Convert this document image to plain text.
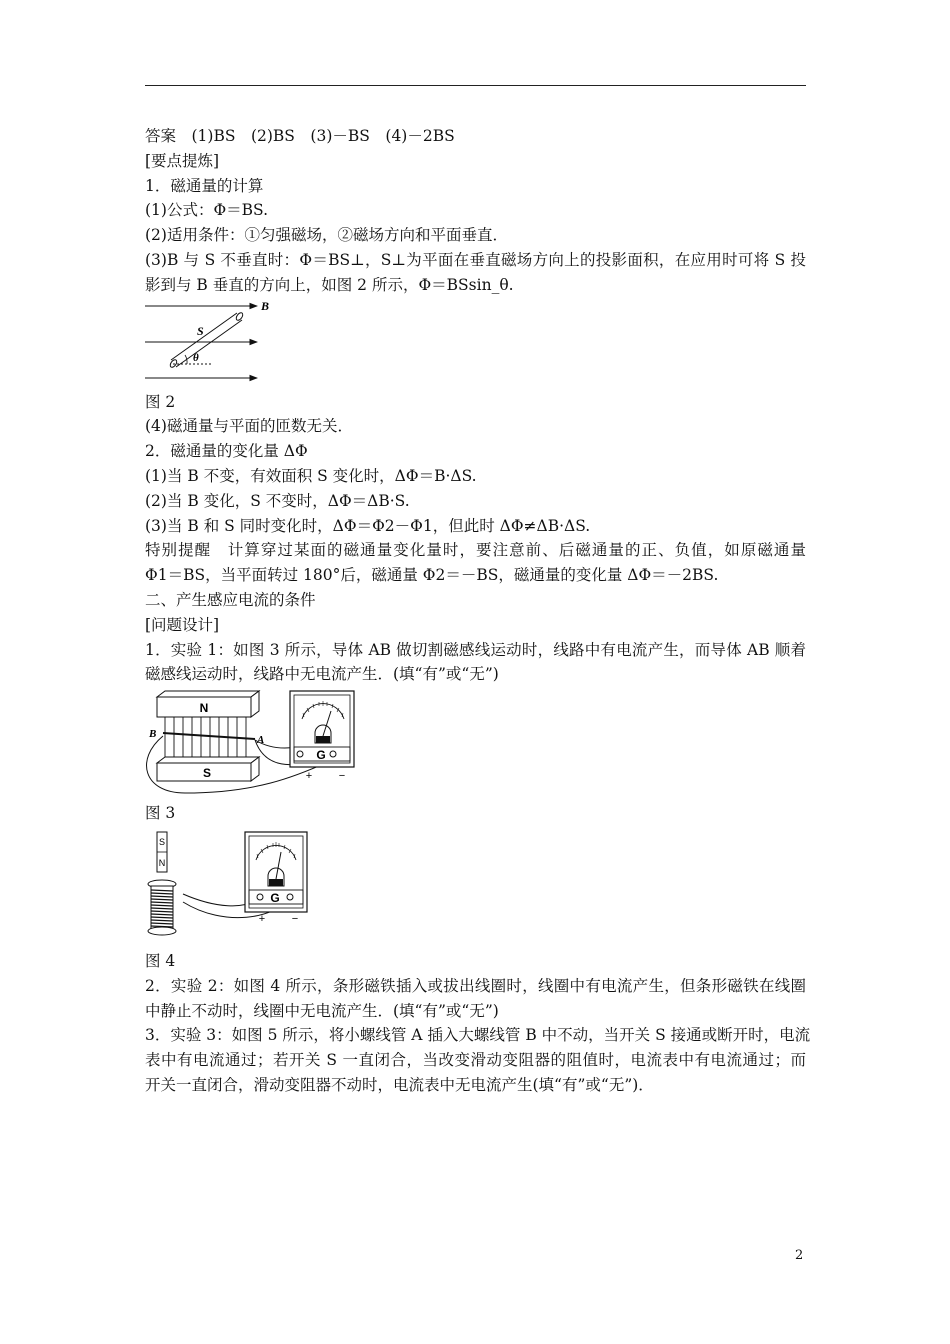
答案　(1)BS　(2)BS　(3)－BS　(4)－2BS
[要点提炼]
1．磁通量的计算
(1)公式：Φ＝BS.
(2)适用条件：①匀强磁场，②磁场方向和平面垂直．
(3)B 与 S 不垂直时：Φ＝BS⊥，S⊥为平面在垂直磁场方向上的投影面积，在应用时可将 S 投
影到与 B 垂直的方向上，如图 2 所示，Φ＝BSsin_θ.
B
S
θ
图 2
(4)磁通量与平面的匝数无关．
2．磁通量的变化量 ΔΦ
(1)当 B 不变，有效面积 S 变化时，ΔΦ＝B·ΔS.
(2)当 B 变化，S 不变时，ΔΦ＝ΔB·S.
(3)当 B 和 S 同时变化时，ΔΦ＝Φ2－Φ1，但此时 ΔΦ≠ΔB·ΔS.
特别提醒　计算穿过某面的磁通量变化量时，要注意前、后磁通量的正、负值，如原磁通量
Φ1＝BS，当平面转过 180°后，磁通量 Φ2＝－BS，磁通量的变化量 ΔΦ＝－2BS.
二、产生感应电流的条件
[问题设计]
1．实验 1：如图 3 所示，导体 AB 做切割磁感线运动时，线路中有电流产生，而导体 AB 顺着
磁感线运动时，线路中无电流产生．(填“有”或“无”)
N
B	A
S
G
+ −
图 3
S
N
G
+ −
图 4
2．实验 2：如图 4 所示，条形磁铁插入或拔出线圈时，线圈中有电流产生，但条形磁铁在线圈
中静止不动时，线圈中无电流产生．(填“有”或“无”)
3．实验 3：如图 5 所示，将小螺线管 A 插入大螺线管 B 中不动，当开关 S 接通或断开时，电流
表中有电流通过；若开关 S 一直闭合，当改变滑动变阻器的阻值时，电流表中有电流通过；而
开关一直闭合，滑动变阻器不动时，电流表中无电流产生(填“有”或“无”)．
2
